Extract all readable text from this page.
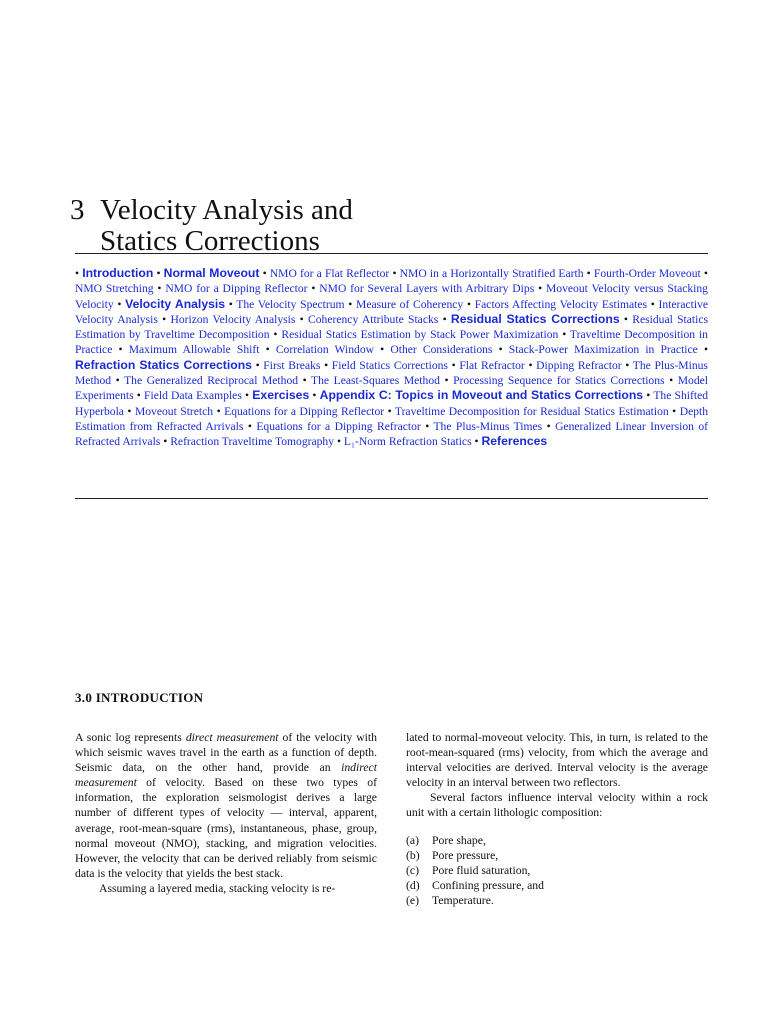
3 Velocity Analysis and
Statics Corrections
• Introduction • Normal Moveout • NMO for a Flat Reflector • NMO in a Horizontally Stratified Earth • Fourth-Order Moveout • NMO Stretching • NMO for a Dipping Reflector • NMO for Several Layers with Arbitrary Dips • Moveout Velocity versus Stacking Velocity • Velocity Analysis • The Velocity Spectrum • Measure of Coherency • Factors Affecting Velocity Estimates • Interactive Velocity Analysis • Horizon Velocity Analysis • Coherency Attribute Stacks • Residual Statics Corrections • Residual Statics Estimation by Traveltime Decomposition • Residual Statics Estimation by Stack Power Maximization • Traveltime Decomposition in Practice • Maximum Allowable Shift • Correlation Window • Other Considerations • Stack-Power Maximization in Practice • Refraction Statics Corrections • First Breaks • Field Statics Corrections • Flat Refractor • Dipping Refractor • The Plus-Minus Method • The Generalized Reciprocal Method • The Least-Squares Method • Processing Sequence for Statics Corrections • Model Experiments • Field Data Examples • Exercises • Appendix C: Topics in Moveout and Statics Corrections • The Shifted Hyperbola • Moveout Stretch • Equations for a Dipping Reflector • Traveltime Decomposition for Residual Statics Estimation • Depth Estimation from Refracted Arrivals • Equations for a Dipping Refractor • The Plus-Minus Times • Generalized Linear Inversion of Refracted Arrivals • Refraction Traveltime Tomography • L₁-Norm Refraction Statics • References
3.0 INTRODUCTION

A sonic log represents direct measurement of the velocity with which seismic waves travel in the earth as a function of depth. Seismic data, on the other hand, provide an indirect measurement of velocity. Based on these two types of information, the exploration seismologist derives a large number of different types of velocity — interval, apparent, average, root-mean-square (rms), instantaneous, phase, group, normal moveout (NMO), stacking, and migration velocities. However, the velocity that can be derived reliably from seismic data is the velocity that yields the best stack.

Assuming a layered media, stacking velocity is re-

lated to normal-moveout velocity. This, in turn, is related to the root-mean-squared (rms) velocity, from which the average and interval velocities are derived. Interval velocity is the average velocity in an interval between two reflectors.

Several factors influence interval velocity within a rock unit with a certain lithologic composition:

(a)	Pore shape,
(b)	Pore pressure,
(c)	Pore fluid saturation,
(d)	Confining pressure, and
(e)	Temperature.
